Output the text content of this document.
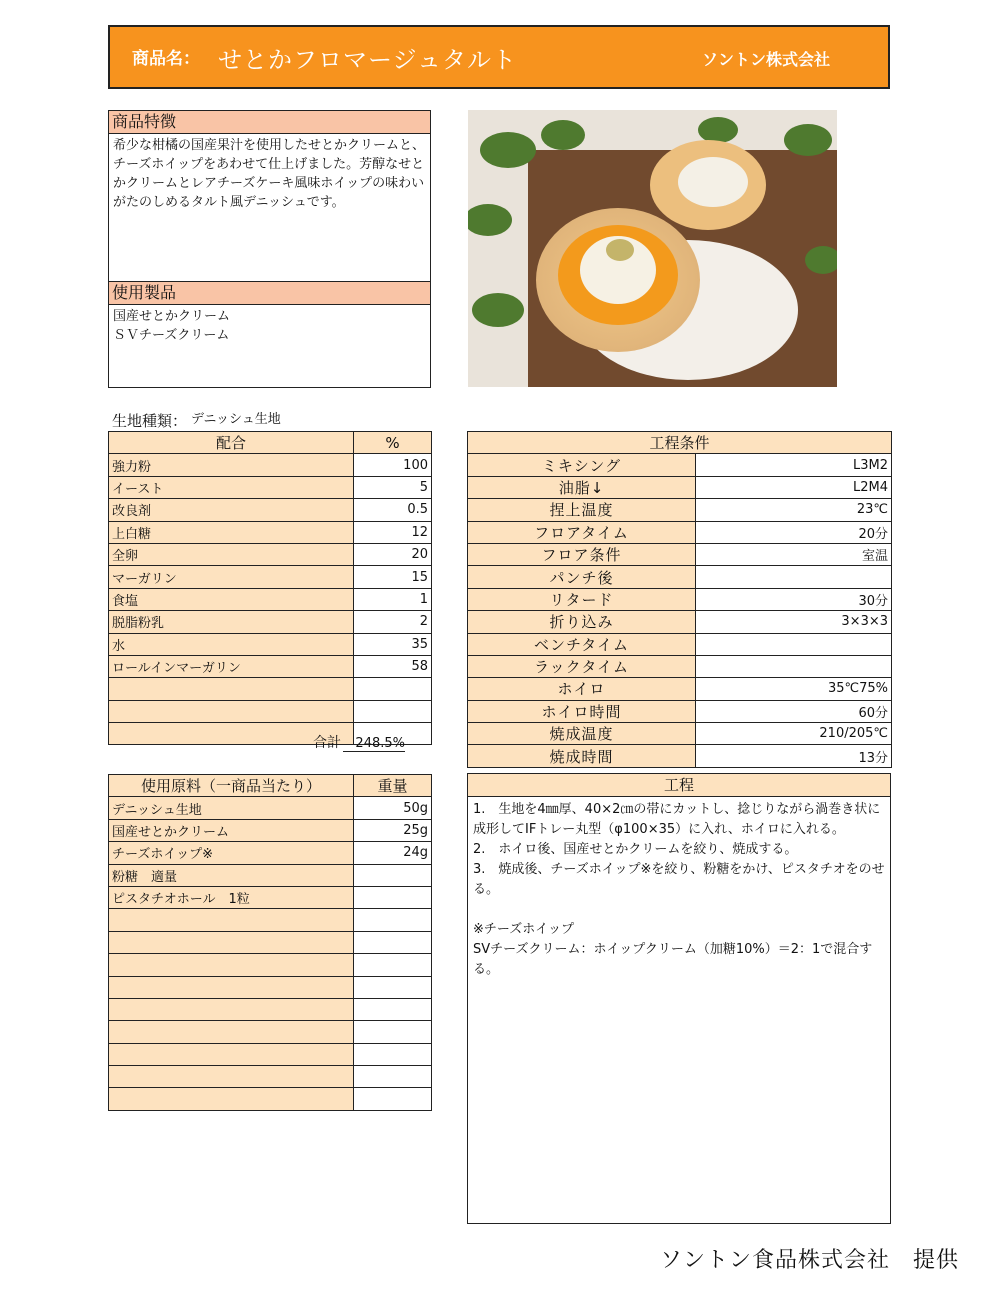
商品名： せとかフロマージュタルト	ソントン株式会社
商品特徴
希少な柑橘の国産果汁を使用したせとかクリームと、チーズホイップをあわせて仕上げました。芳醇なせとかクリームとレアチーズケーキ風味ホイップの味わいがたのしめるタルト風デニッシュです。
使用製品
国産せとかクリーム
ＳＶチーズクリーム
生地種類： デニッシュ生地
配合	%
強力粉	100
イースト	5
改良剤	0.5
上白糖	12
全卵	20
マーガリン	15
食塩	1
脱脂粉乳	2
水	35
ロールインマーガリン	58

合計 248.5%
工程条件	
ミキシング	L3M2
油脂↓	L2M4
捏上温度	23℃
フロアタイム	20分
フロア条件	室温
パンチ後	
リタード	30分
折り込み	3×3×3
ベンチタイム	
ラックタイム	
ホイロ	35℃75%
ホイロ時間	60分
焼成温度	210/205℃
焼成時間	13分
使用原料（一商品当たり）	重量
デニッシュ生地	50g
国産せとかクリーム	25g
チーズホイップ※	24g
粉糖　適量	
ピスタチオホール　1粒	

工程
1.　生地を4㎜厚、40×2㎝の帯にカットし、捻じりながら渦巻き状に成形してIFトレー丸型（φ100×35）に入れ、ホイロに入れる。
2.　ホイロ後、国産せとかクリームを絞り、焼成する。
3.　焼成後、チーズホイップ※を絞り、粉糖をかけ、ピスタチオをのせる。

※チーズホイップ
SVチーズクリーム：ホイップクリーム（加糖10%）＝2：1で混合する。
ソントン食品株式会社　提供
